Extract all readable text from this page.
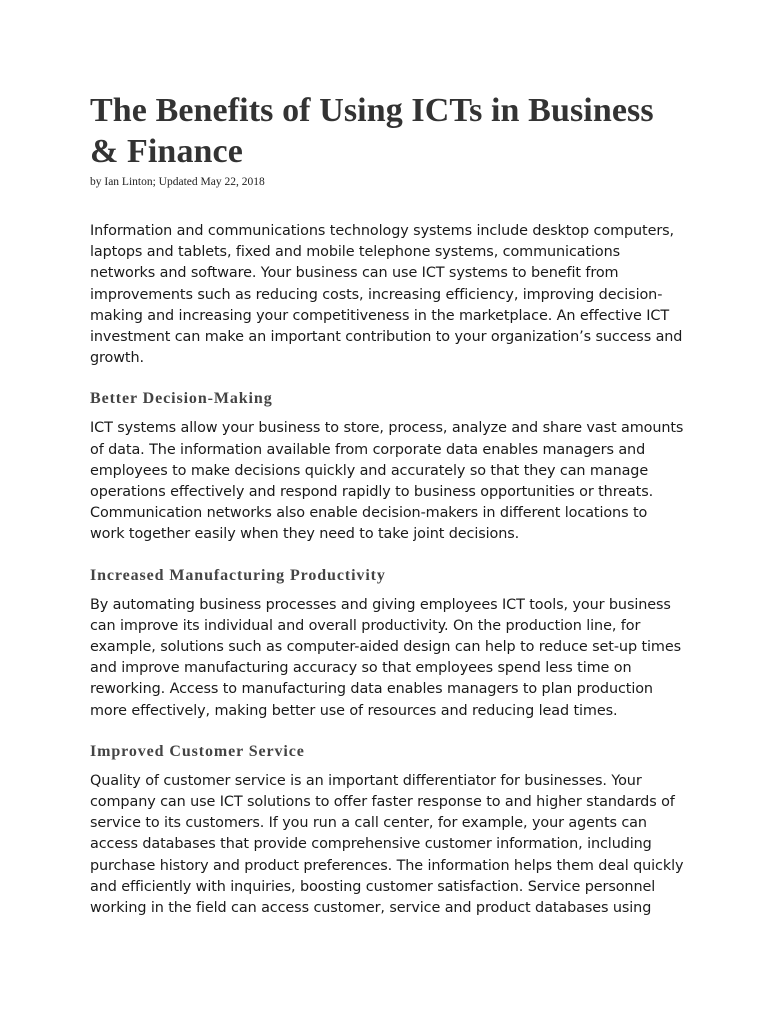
The Benefits of Using ICTs in Business & Finance
by Ian Linton; Updated May 22, 2018

Information and communications technology systems include desktop computers, laptops and tablets, fixed and mobile telephone systems, communications networks and software. Your business can use ICT systems to benefit from improvements such as reducing costs, increasing efficiency, improving decision-making and increasing your competitiveness in the marketplace. An effective ICT investment can make an important contribution to your organization’s success and growth.

Better Decision-Making

ICT systems allow your business to store, process, analyze and share vast amounts of data. The information available from corporate data enables managers and employees to make decisions quickly and accurately so that they can manage operations effectively and respond rapidly to business opportunities or threats. Communication networks also enable decision-makers in different locations to work together easily when they need to take joint decisions.

Increased Manufacturing Productivity

By automating business processes and giving employees ICT tools, your business can improve its individual and overall productivity. On the production line, for example, solutions such as computer-aided design can help to reduce set-up times and improve manufacturing accuracy so that employees spend less time on reworking. Access to manufacturing data enables managers to plan production more effectively, making better use of resources and reducing lead times.

Improved Customer Service

Quality of customer service is an important differentiator for businesses. Your company can use ICT solutions to offer faster response to and higher standards of service to its customers. If you run a call center, for example, your agents can access databases that provide comprehensive customer information, including purchase history and product preferences. The information helps them deal quickly and efficiently with inquiries, boosting customer satisfaction. Service personnel working in the field can access customer, service and product databases using
